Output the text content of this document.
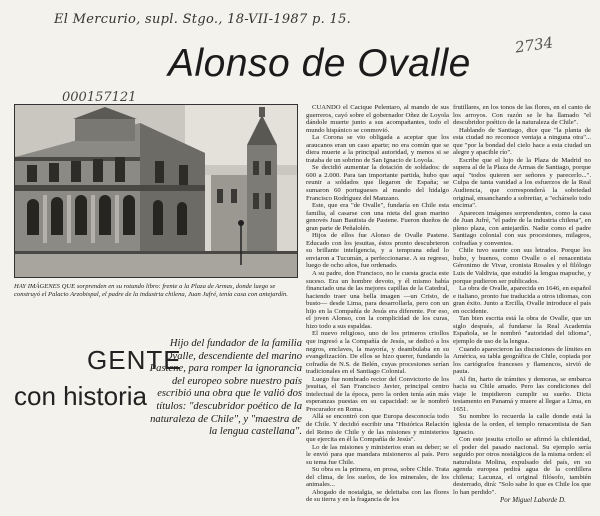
El Mercurio, supl. Stgo., 18-VII-1987 p. 15.
2734
000157121
Alonso de Ovalle
HAY IMÁGENES QUE sorprenden en su rotundo libro: frente a la Plaza de Armas, donde luego se construyó el Palacio Arzobispal, el padre de la industria chilena, Juan Jufré, tenía casa con antejardín.
Hijo del fundador de la familia Ovalle, descendiente del marino Pastene, para romper la ignorancia del europeo sobre nuestro país escribió una obra que le valió dos títulos: "descubridor poético de la naturaleza de Chile", y "maestra de la lengua castellana".
GENTE
con historia

CUANDO el Cacique Pelentaro, al mando de sus guerreros, cayó sobre el gobernador Oñez de Loyola dándole muerte junto a sus acompañantes, todo el mundo hispánico se conmovió.

La Corona se vio obligada a aceptar que los araucanos eran un caso aparte; no era común que se diera muerte a la principal autoridad, y menos si se trataba de un sobrino de San Ignacio de Loyola.

Se decidió aumentar la dotación de soldados: de 600 a 2.000. Para tan importante partida, hubo que reunir a soldados que llegaron de España; se sumaron 60 portugueses al mando del hidalgo Francisco Rodríguez del Manzano.

Este, que era "de Ovalle", fundaría en Chile esta familia, al casarse con una nieta del gran marino genovés Juan Bautista de Pastene. Fueron dueños de gran parte de Peñalolén.

Hijos de ellos fue Alonso de Ovalle Pastene. Educado con los jesuitas, éstos pronto descubrieron su brillante inteligencia, y a temprana edad lo enviaron a Tucumán, a perfeccionarse. A su regreso, luego de ocho años, fue ordenado.

A su padre, don Francisco, no le cuesta gracia este suceso. Era un hombre devoto, y él mismo había financiado una de las mejores capillas de la Catedral, haciendo traer una bella imagen —un Cristo, de busto— desde Lima, para desarrollarla, pero con un hijo en la Compañía de Jesús era diferente. Por eso, el joven Alonso, con la complicidad de los curas, hizo todo a sus espaldas.

El nuevo religioso, uno de los primeros criollos que ingresó a la Compañía de Jesús, se dedicó a los negros, enclaves, la mayoría, y deambulaba en su evangelización. De ellos se hizo querer, fundando la cofradía de N.S. de Belén, cuyas procesiones serían tradicionales en el Santiago Colonial.

Luego fue nombrado rector del Convictorio de los jesuitas, el San Francisco Javier, principal centro intelectual de la época, pero la orden tenía aún más esperanzas puestas en su capacidad: se le nombró Procurador en Roma.

Allá se encontró con que Europa desconocía todo de Chile. Y decidió escribir una "Histórica Relación del Reino de Chile y de las misiones y ministerios que ejercita en él la Compañía de Jesús".

Lo de las misiones y ministerios eran su deber; se le envió para que mandara misioneros al país. Pero su tema fue Chile.

Su obra es la primera, en prosa, sobre Chile. Trata del clima, de los suelos, de los minerales, de los animales...

Abogado de nostalgia, se deleitaba con las flores de su tierra y en la fragancia de los

frutillares, en los tonos de las flores, en el canto de los arroyos. Con razón se le ha llamado "el descubridor poético de la naturaleza de Chile".

Hablando de Santiago, dice que "la planta de esta ciudad no reconoce ventaja a ninguna otra"... que "por la bondad del cielo hace a esta ciudad un alegre y apacible río".

Escribe que el lujo de la Plaza de Madrid no supera al de la Plaza de Armas de Santiago, porque aquí "todos quieren ser señores y parecerlo...". Culpa de tanta vanidad a los esfuerzos de la Real Audiencia, que corresponderá la sobriedad original, ensanchando a sobretiar, a "echárselo todo encima".

Aparecen imágenes sorprendentes, como la casa de Juan Jufré, "el padre de la industria chilena", en pleno plaza, con antejardín. Nadie como el padre Santiago colonial con sus procesiones, milagros, cofradías y conventos.

Chile tuvo suerte con sus letrados. Porque los hubo, y buenos, como Ovalle o el renacentista Géronimo de Vivar, cronista Rosales y el filólogo Luis de Valdivia, que estudió la lengua mapuche, y porque pudieron ser publicados.

La obra de Ovalle, aparecida en 1646, en español e italiano, pronto fue traducida a otros idiomas, con gran éxito. Junto a Ercilla, Ovalle introduce el país en occidente.

Tan bien escrita está la obra de Ovalle, que un siglo después, al fundarse la Real Academia Española, se le nombró "autoridad del idioma", ejemplo de uso de la lengua.

Cuando aparecieron las discusiones de límites en América, su tabla geográfica de Chile, copiada por los cartógrafos franceses y flamencos, sirvió de pauta.

Al fin, harto de trámites y demoras, se embarca hacia su Chile amado. Pero las condiciones del viaje le impidieron cumplir su sueño. Dicta testamento en Panamá y muere al llegar a Lima, en 1651.

Su nombre lo recuerda la calle donde está la iglesia de la orden, el templo renacentista de San Ignacio.

Con este jesuita criollo se afirmó la chilenidad, el poder del pasado nacional. Su ejemplo sería seguido por otros nostálgicos de la misma orden: el naturalista Molina, expulsado del país, en su agenda europea pedirá agua de la cordillera chilena; Lacunza, el original filósofo, también desterrado, dirá: "Solo sabe lo que es Chile los que lo han perdido".

Por Miguel Laborde D.
